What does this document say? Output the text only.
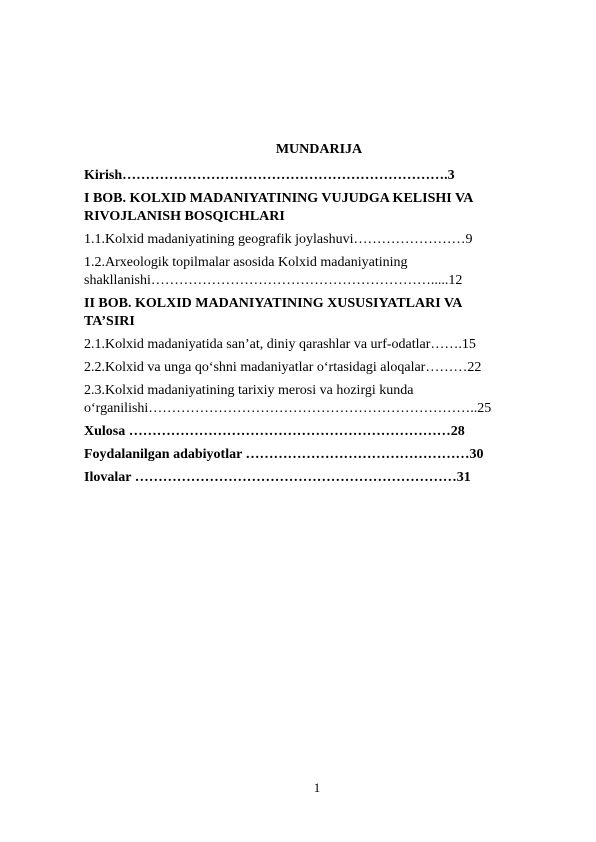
MUNDARIJA
Kirish…………………………………………………………….3
I BOB. KOLXID MADANIYATINING VUJUDGA KELISHI VA
RIVOJLANISH BOSQICHLARI
1.1.Kolxid madaniyatining geografik joylashuvi……………………9
1.2.Arxeologik topilmalar asosida Kolxid madaniyatining
shakllanishi…………………………………………………….....12
II BOB. KOLXID MADANIYATINING XUSUSIYATLARI VA
TA’SIRI
2.1.Kolxid madaniyatida san’at, diniy qarashlar va urf-odatlar…….15
2.2.Kolxid va unga qo‘shni madaniyatlar o‘rtasidagi aloqalar………22
2.3.Kolxid madaniyatining tarixiy merosi va hozirgi kunda
o‘rganilishi……………………………………………………………..25
Xulosa ……………………………………………………………28
Foydalanilgan adabiyotlar …………………………………………30
Ilovalar ……………………………………………………………31
1
